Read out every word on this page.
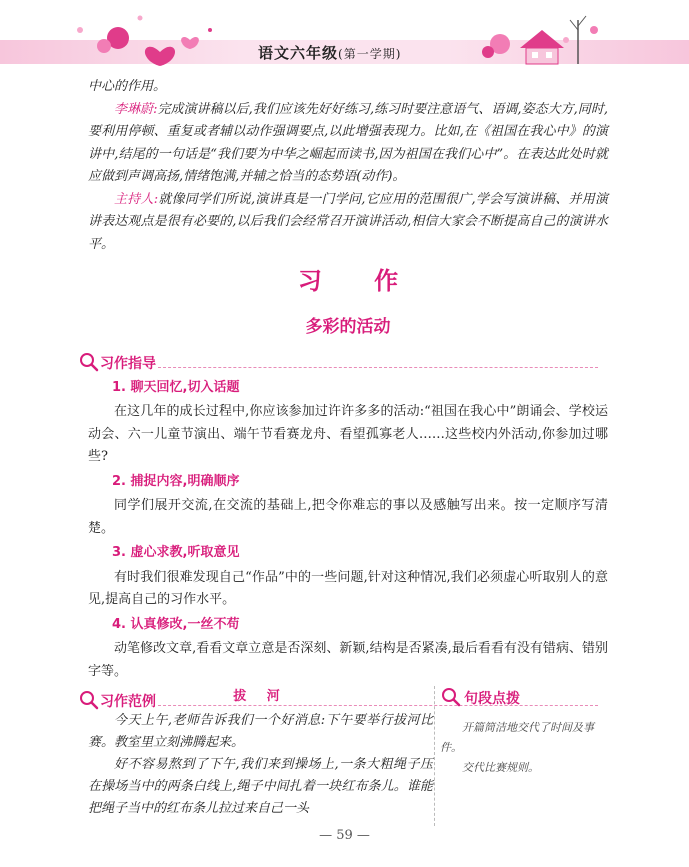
语文六年级(第一学期)

中心的作用。

李琳蔚:完成演讲稿以后,我们应该先好好练习,练习时要注意语气、语调,姿态大方,同时,要利用停顿、重复或者辅以动作强调要点,以此增强表现力。比如,在《祖国在我心中》的演讲中,结尾的一句话是“我们要为中华之崛起而读书,因为祖国在我们心中”。在表达此处时就应做到声调高扬,情绪饱满,并辅之恰当的态势语(动作)。

主持人:就像同学们所说,演讲真是一门学问,它应用的范围很广,学会写演讲稿、并用演讲表达观点是很有必要的,以后我们会经常召开演讲活动,相信大家会不断提高自己的演讲水平。

习 作
多彩的活动
习作指导
1. 聊天回忆,切入话题

在这几年的成长过程中,你应该参加过许许多多的活动:“祖国在我心中”朗诵会、学校运动会、六一儿童节演出、端午节看赛龙舟、看望孤寡老人……这些校内外活动,你参加过哪些?

2. 捕捉内容,明确顺序

同学们展开交流,在交流的基础上,把令你难忘的事以及感触写出来。按一定顺序写清楚。

3. 虚心求教,听取意见

有时我们很难发现自己“作品”中的一些问题,针对这种情况,我们必须虚心听取别人的意见,提高自己的习作水平。

4. 认真修改,一丝不苟

动笔修改文章,看看文章立意是否深刻、新颖,结构是否紧凑,最后看看有没有错病、错别字等。

习作范例	拔 河

今天上午,老师告诉我们一个好消息:下午要举行拔河比赛。教室里立刻沸腾起来。

好不容易熬到了下午,我们来到操场上,一条大粗绳子压在操场当中的两条白线上,绳子中间扎着一块红布条儿。谁能把绳子当中的红布条儿拉过来自己一头

句段点拨
开篇简洁地交代了时间及事件。
交代比赛规则。
— 59 —
